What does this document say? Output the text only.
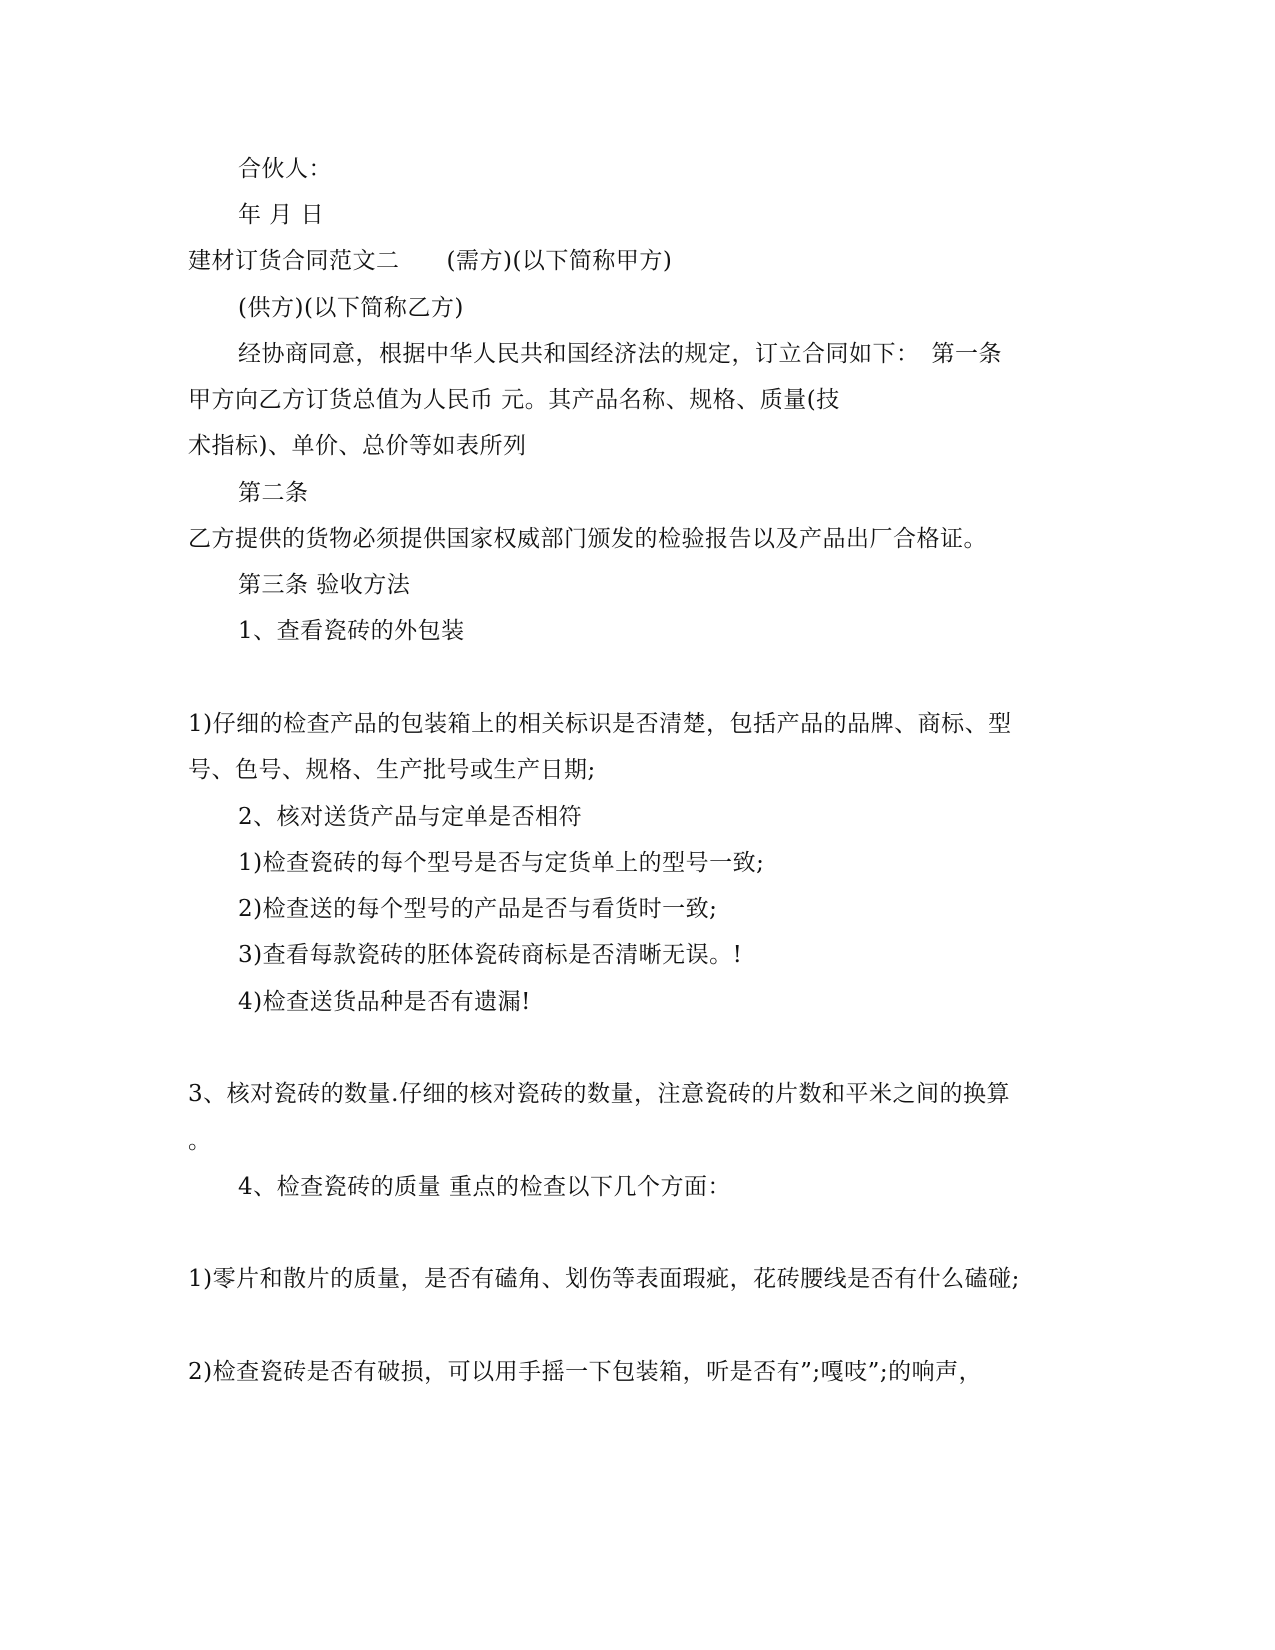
合伙人：
年 月 日
建材订货合同范文二　　(需方)(以下简称甲方)
(供方)(以下简称乙方)
经协商同意，根据中华人民共和国经济法的规定，订立合同如下：　第一条
甲方向乙方订货总值为人民币 元。其产品名称、规格、质量(技
术指标)、单价、总价等如表所列
第二条
乙方提供的货物必须提供国家权威部门颁发的检验报告以及产品出厂合格证。
第三条 验收方法
1、查看瓷砖的外包装
1)仔细的检查产品的包装箱上的相关标识是否清楚，包括产品的品牌、商标、型
号、色号、规格、生产批号或生产日期;
2、核对送货产品与定单是否相符
1)检查瓷砖的每个型号是否与定货单上的型号一致;
2)检查送的每个型号的产品是否与看货时一致;
3)查看每款瓷砖的胚体瓷砖商标是否清晰无误。!
4)检查送货品种是否有遗漏!
3、核对瓷砖的数量.仔细的核对瓷砖的数量，注意瓷砖的片数和平米之间的换算
。
4、检查瓷砖的质量 重点的检查以下几个方面：
1)零片和散片的质量，是否有磕角、划伤等表面瑕疵，花砖腰线是否有什么磕碰;
2)检查瓷砖是否有破损，可以用手摇一下包装箱，听是否有”;嘎吱”;的响声，
